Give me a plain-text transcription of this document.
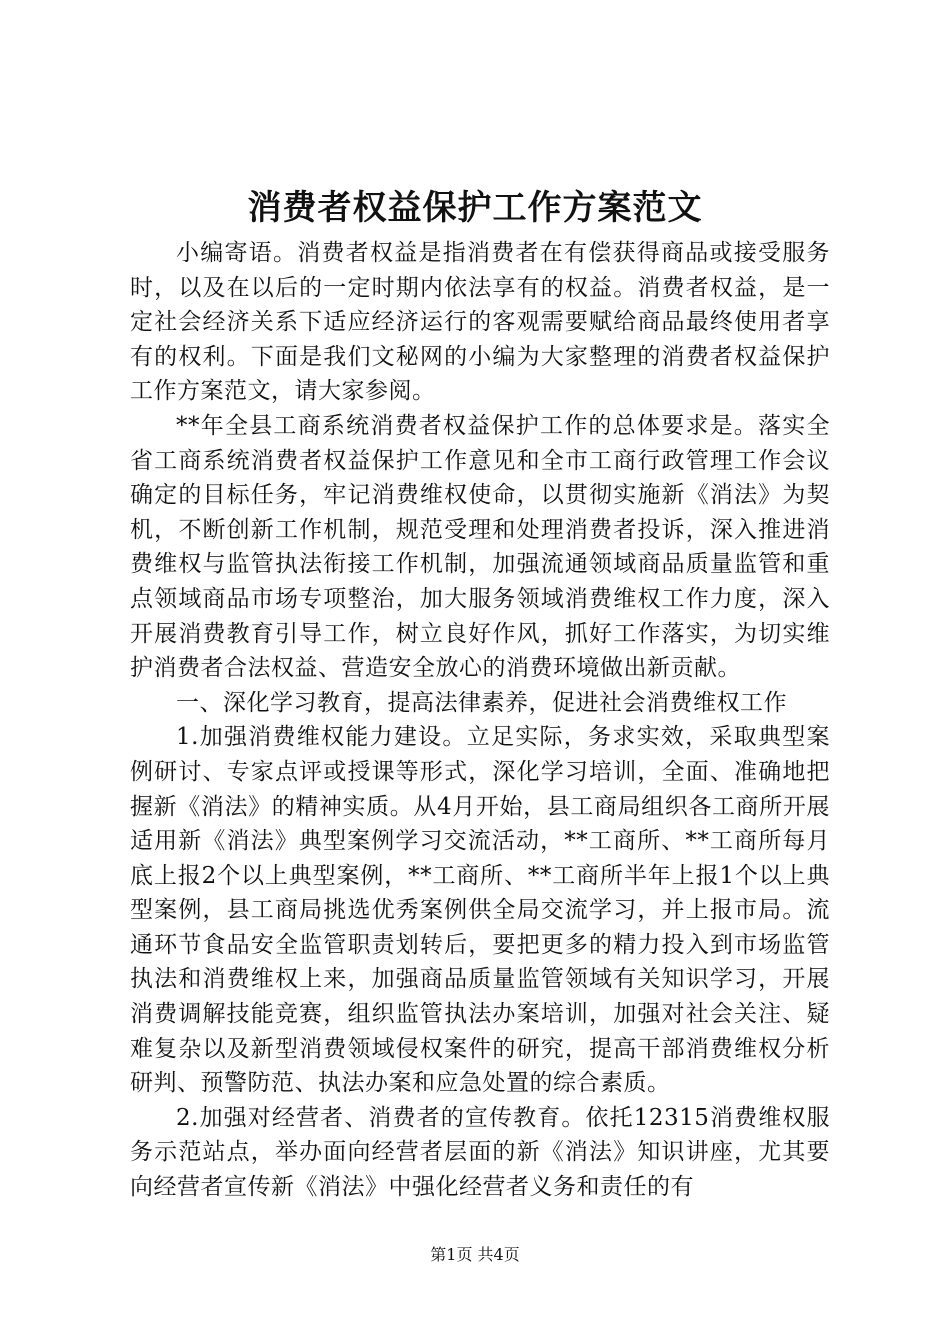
消费者权益保护工作方案范文

小编寄语。消费者权益是指消费者在有偿获得商品或接受服务时，以及在以后的一定时期内依法享有的权益。消费者权益，是一定社会经济关系下适应经济运行的客观需要赋给商品最终使用者享有的权利。下面是我们文秘网的小编为大家整理的消费者权益保护工作方案范文，请大家参阅。

**年全县工商系统消费者权益保护工作的总体要求是。落实全省工商系统消费者权益保护工作意见和全市工商行政管理工作会议确定的目标任务，牢记消费维权使命，以贯彻实施新《消法》为契机，不断创新工作机制，规范受理和处理消费者投诉，深入推进消费维权与监管执法衔接工作机制，加强流通领域商品质量监管和重点领域商品市场专项整治，加大服务领域消费维权工作力度，深入开展消费教育引导工作，树立良好作风，抓好工作落实，为切实维护消费者合法权益、营造安全放心的消费环境做出新贡献。

一、深化学习教育，提高法律素养，促进社会消费维权工作

1.加强消费维权能力建设。立足实际，务求实效，采取典型案例研讨、专家点评或授课等形式，深化学习培训，全面、准确地把握新《消法》的精神实质。从4月开始，县工商局组织各工商所开展适用新《消法》典型案例学习交流活动，**工商所、**工商所每月底上报2个以上典型案例，**工商所、**工商所半年上报1个以上典型案例，县工商局挑选优秀案例供全局交流学习，并上报市局。流通环节食品安全监管职责划转后，要把更多的精力投入到市场监管执法和消费维权上来，加强商品质量监管领域有关知识学习，开展消费调解技能竞赛，组织监管执法办案培训，加强对社会关注、疑难复杂以及新型消费领域侵权案件的研究，提高干部消费维权分析研判、预警防范、执法办案和应急处置的综合素质。

2.加强对经营者、消费者的宣传教育。依托12315消费维权服务示范站点，举办面向经营者层面的新《消法》知识讲座，尤其要向经营者宣传新《消法》中强化经营者义务和责任的有

第1页 共4页
